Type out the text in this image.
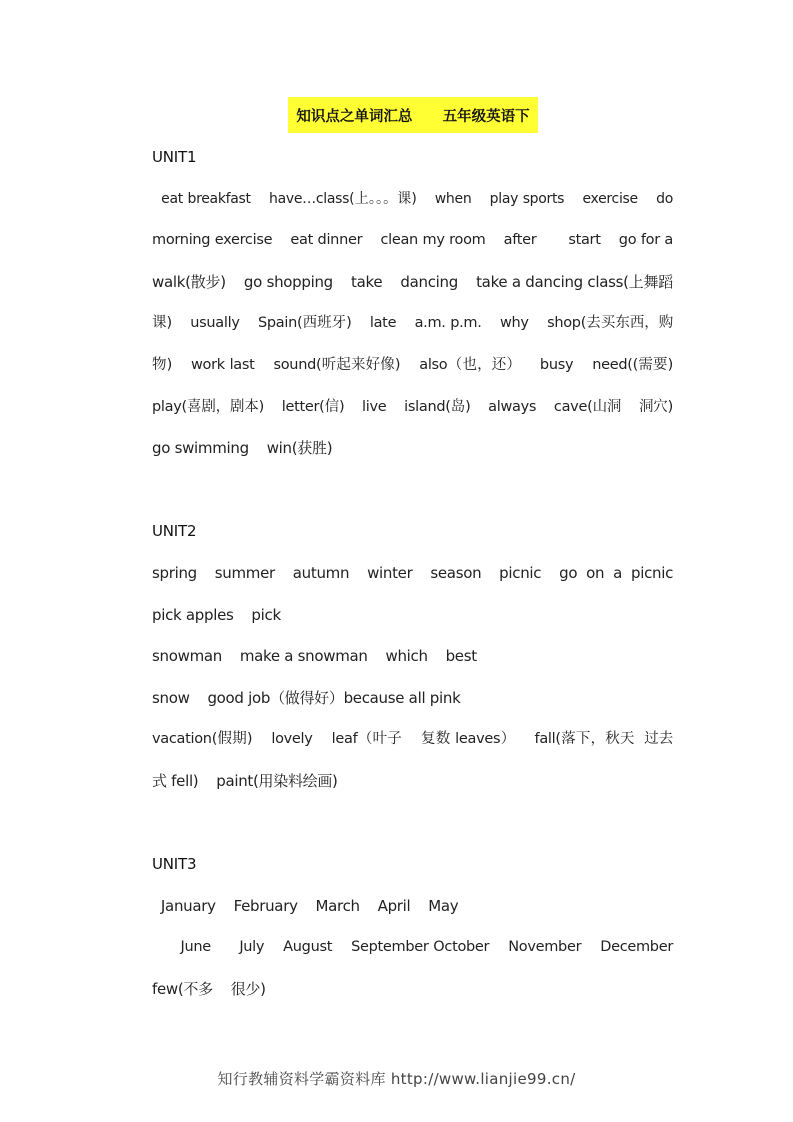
知识点之单词汇总      五年级英语下
UNIT1
eat breakfast    have…class(上。。。课)    when    play sports    exercise    do
morning exercise    eat dinner    clean my room    after       start    go for a
walk(散步)    go shopping    take    dancing    take a dancing class(上舞蹈
课)    usually    Spain(西班牙)    late    a.m. p.m.    why    shop(去买东西，购
物)    work last    sound(听起来好像)    also（也，还）    busy    need((需要)
play(喜剧，剧本)    letter(信)    live    island(岛)    always    cave(山洞    洞穴)
go swimming    win(获胜)
UNIT2
spring    summer    autumn    winter    season    picnic    go  on  a  picnic
pick apples    pick
snowman    make a snowman    which    best
snow    good job（做得好）because all pink
vacation(假期)    lovely    leaf（叶子    复数 leaves）    fall(落下，秋天  过去
式 fell)    paint(用染料绘画)
UNIT3
January    February    March    April    May
June      July    August    September October    November    December
few(不多    很少)
知行教辅资料学霸资料库 http://www.lianjie99.cn/
